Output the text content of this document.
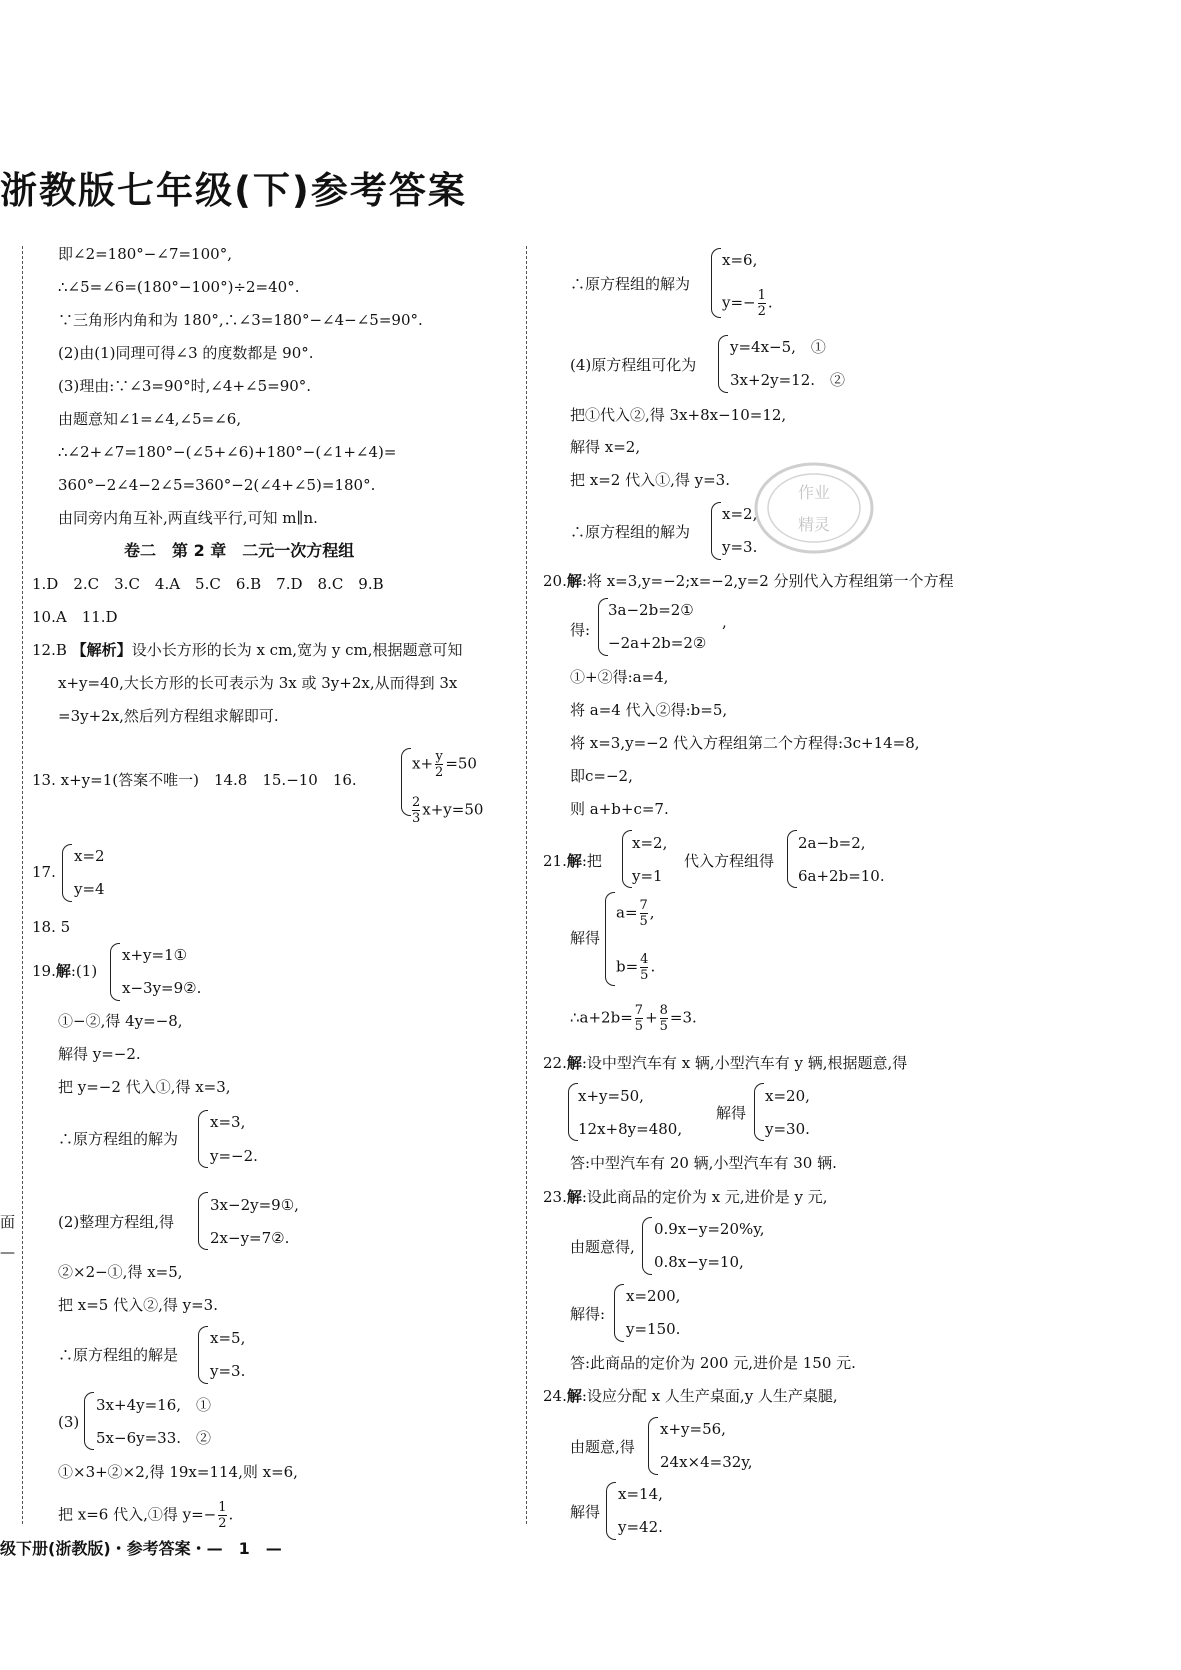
浙教版七年级(下)参考答案
面
—
即∠2=180°−∠7=100°,
∴∠5=∠6=(180°−100°)÷2=40°.
∵三角形内角和为 180°,∴∠3=180°−∠4−∠5=90°.
(2)由(1)同理可得∠3 的度数都是 90°.
(3)理由:∵∠3=90°时,∠4+∠5=90°.
由题意知∠1=∠4,∠5=∠6,
∴∠2+∠7=180°−(∠5+∠6)+180°−(∠1+∠4)=
360°−2∠4−2∠5=360°−2(∠4+∠5)=180°.
由同旁内角互补,两直线平行,可知 m∥n.
卷二　第 2 章　二元一次方程组
1.D　2.C　3.C　4.A　5.C　6.B　7.D　8.C　9.B
10.A　11.D
12.B 【解析】设小长方形的长为 x cm,宽为 y cm,根据题意可知
x+y=40,大长方形的长可表示为 3x 或 3y+2x,从而得到 3x
=3y+2x,然后列方程组求解即可.
13. x+y=1(答案不唯一)　14.8　15.−10　16.
$x+ \frac{y}{2} =50$
$\frac{2}{3} x+y=50$
17.
x=2
y=4
18. 5
19.解:(1)
x+y=1①
x−3y=9②.
①−②,得 4y=−8,
解得 y=−2.
把 y=−2 代入①,得 x=3,
∴原方程组的解为
x=3,
y=−2.
(2)整理方程组,得
3x−2y=9①,
2x−y=7②.
②×2−①,得 x=5,
把 x=5 代入②,得 y=3.
∴原方程组的解是
x=5,
y=3.
(3)
3x+4y=16,　①
5x−6y=33.　②
①×3+②×2,得 19x=114,则 x=6,
把 x=6 代入,①得 $y=- \frac{1}{2}$ .
∴原方程组的解为
x=6,
$y=- \frac{1}{2}$ .
(4)原方程组可化为
y=4x−5,　①
3x+2y=12.　②
把①代入②,得 3x+8x−10=12,
解得 x=2,
把 x=2 代入①,得 y=3.
∴原方程组的解为
x=2,
y=3.
20.解:将 x=3,y=−2;x=−2,y=2 分别代入方程组第一个方程
得:
3a−2b=2①
−2a+2b=2②
,
①+②得:a=4,
将 a=4 代入②得:b=5,
将 x=3,y=−2 代入方程组第二个方程得:3c+14=8,
即c=−2,
则 a+b+c=7.
21.解:把
x=2,
y=1
代入方程组得
2a−b=2,
6a+2b=10.
解得
$a= \frac{7}{5}$ ,
$b= \frac{4}{5}$ .
∴a+2b= $\frac{7}{5} + \frac{8}{5} =3$.
22.解:设中型汽车有 x 辆,小型汽车有 y 辆,根据题意,得
x+y=50,
12x+8y=480,
解得
x=20,
y=30.
答:中型汽车有 20 辆,小型汽车有 30 辆.
23.解:设此商品的定价为 x 元,进价是 y 元,
由题意得,
0.9x−y=20%y,
0.8x−y=10,
解得:
x=200,
y=150.
答:此商品的定价为 200 元,进价是 150 元.
24.解:设应分配 x 人生产桌面,y 人生产桌腿,
由题意,得
x+y=56,
24x×4=32y,
解得
x=14,
y=42.
作业
精灵
级下册(浙教版)・参考答案・—　1　—
